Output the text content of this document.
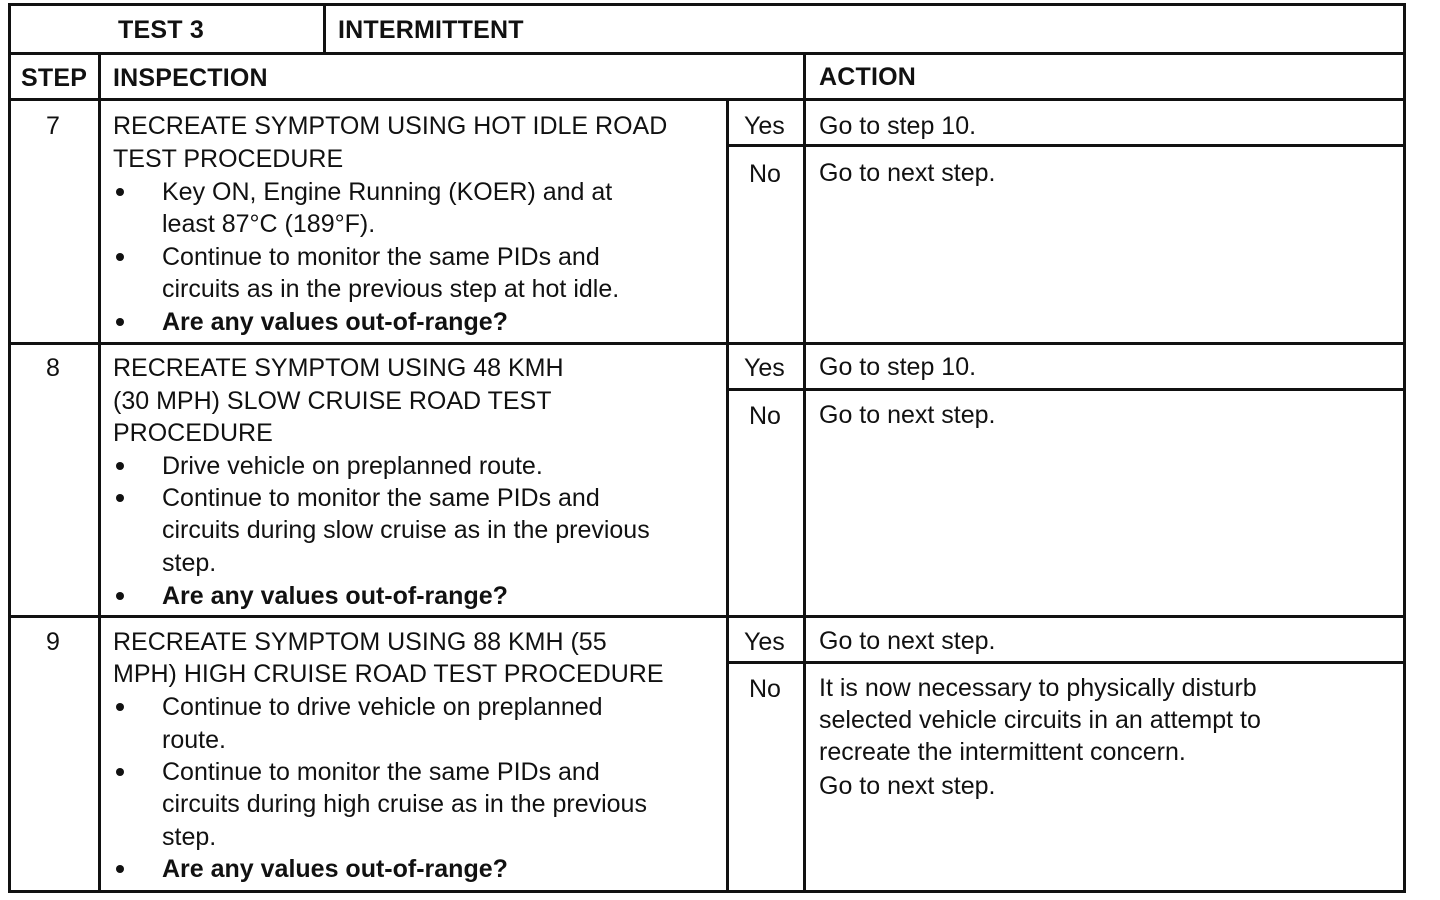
TEST 3	INTERMITTENT
STEP INSPECTION	ACTION
7 RECREATE SYMPTOM USING HOT IDLE ROAD
TEST PROCEDURE
Key ON, Engine Running (KOER) and at
least 87°C (189°F).
Continue to monitor the same PIDs and
circuits as in the previous step at hot idle.
Are any values out-of-range?
Yes Go to step 10.
No Go to next step.
8 RECREATE SYMPTOM USING 48 KMH
(30 MPH) SLOW CRUISE ROAD TEST
PROCEDURE
Drive vehicle on preplanned route.
Continue to monitor the same PIDs and
circuits during slow cruise as in the previous
step.
Are any values out-of-range?
Yes Go to step 10.
No Go to next step.
9 RECREATE SYMPTOM USING 88 KMH (55
MPH) HIGH CRUISE ROAD TEST PROCEDURE
Continue to drive vehicle on preplanned
route.
Continue to monitor the same PIDs and
circuits during high cruise as in the previous
step.
Are any values out-of-range?
Yes Go to next step.
No It is now necessary to physically disturb
selected vehicle circuits in an attempt to
recreate the intermittent concern.
Go to next step.
